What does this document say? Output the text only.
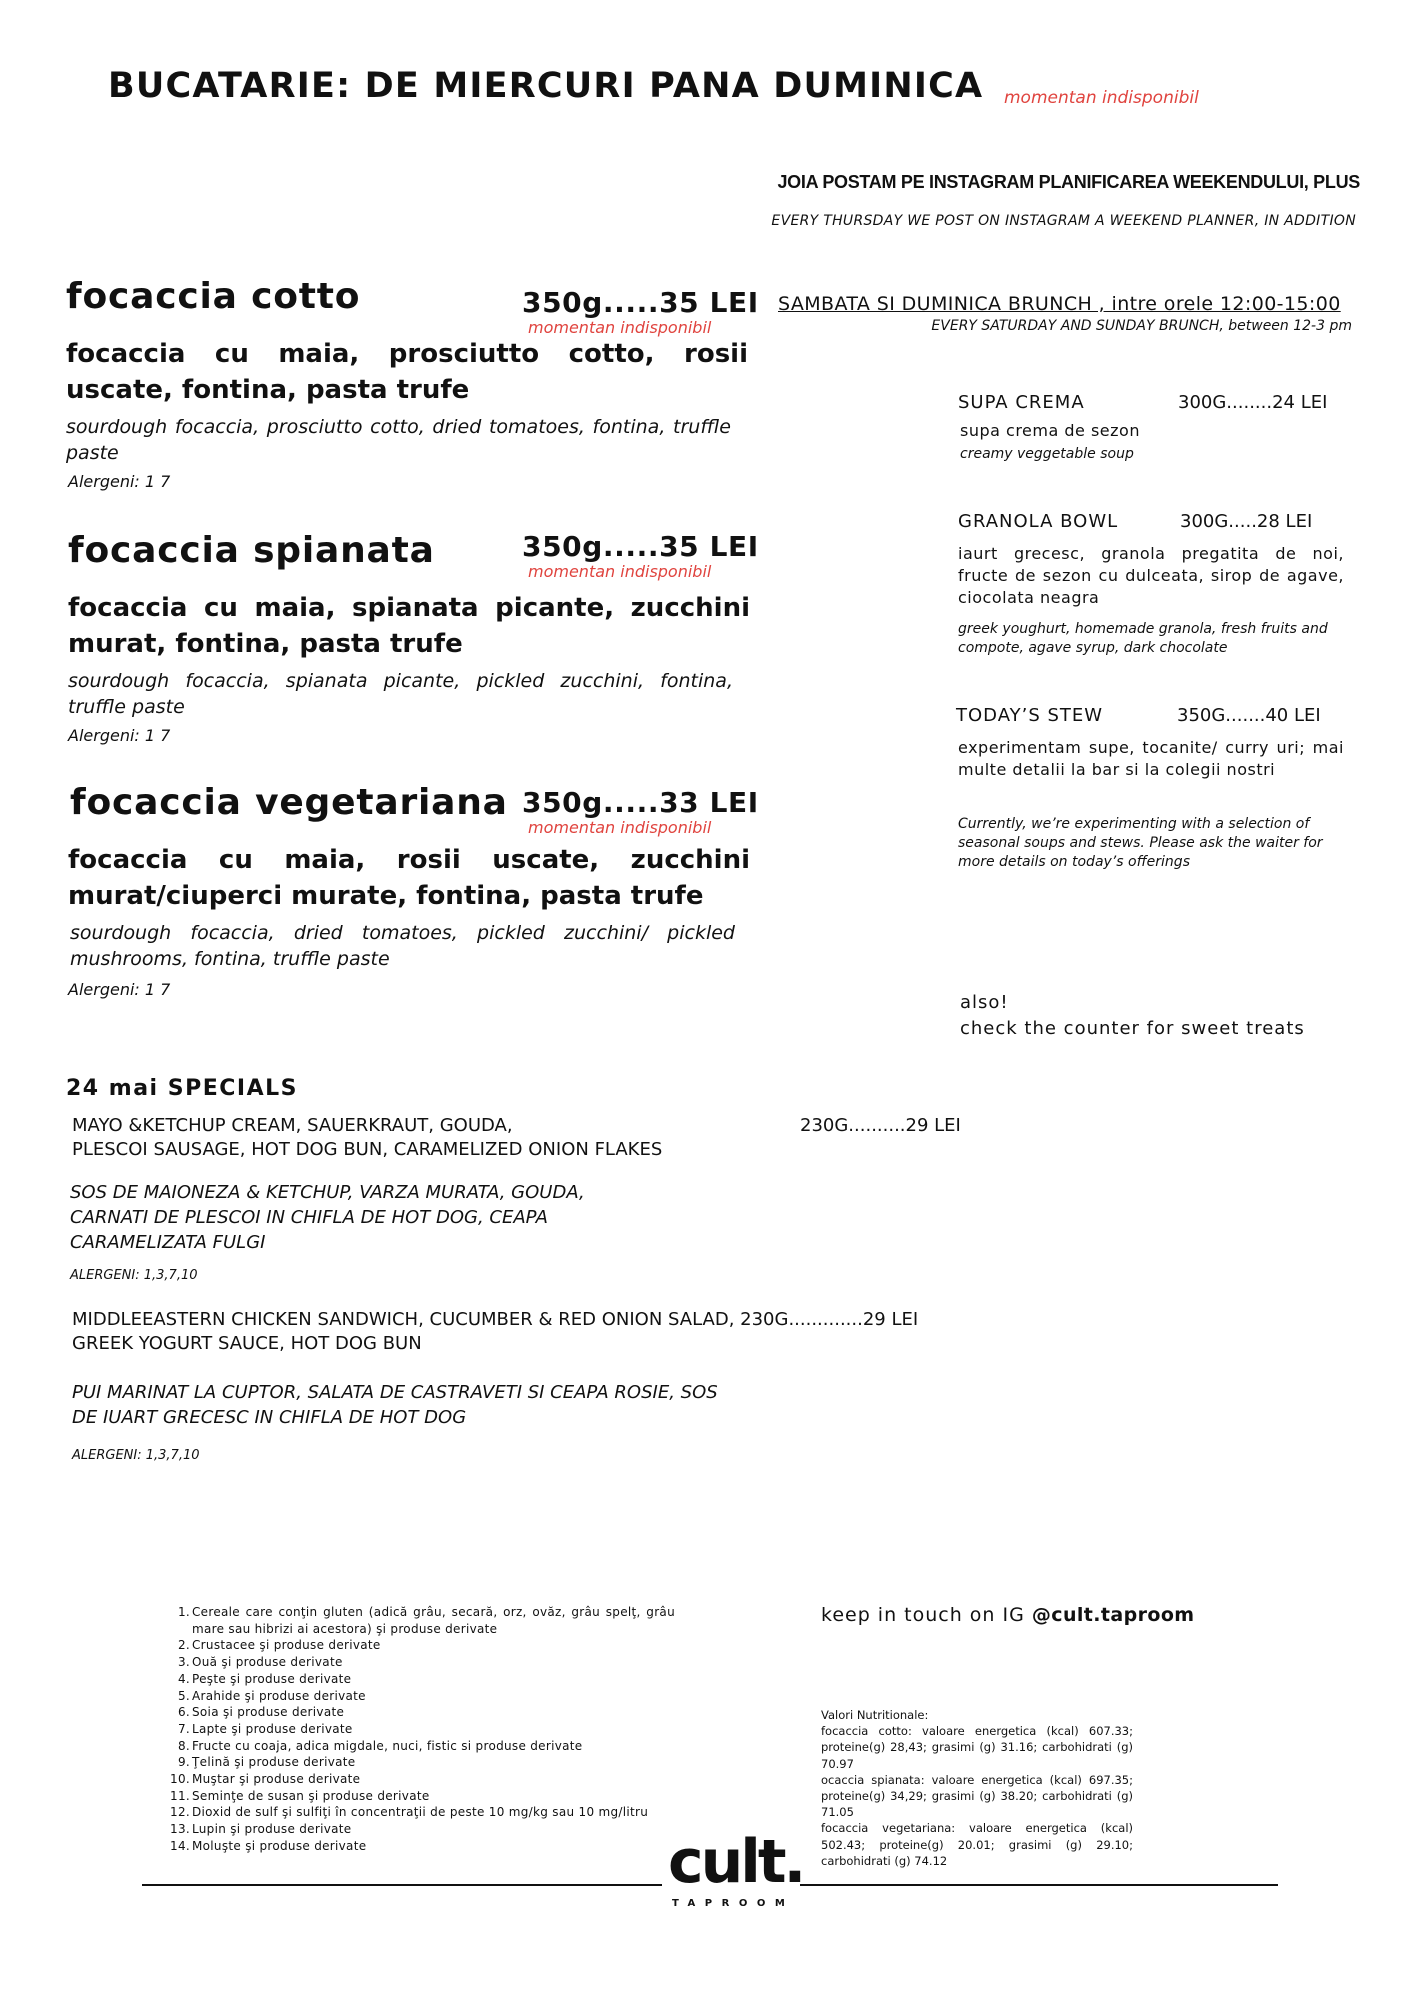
BUCATARIE: DE MIERCURI PANA DUMINICA momentan indisponibil
JOIA POSTAM PE INSTAGRAM PLANIFICAREA WEEKENDULUI, PLUS
EVERY THURSDAY WE POST ON INSTAGRAM A WEEKEND PLANNER, IN ADDITION
focaccia cotto	350g.....35 LEI
momentan indisponibil
focaccia cu maia, prosciutto cotto, rosii uscate, fontina, pasta trufe
sourdough focaccia, prosciutto cotto, dried tomatoes, fontina, truffle paste
Alergeni: 1 7
focaccia spianata	350g.....35 LEI
momentan indisponibil
focaccia cu maia, spianata picante, zucchini murat, fontina, pasta trufe
sourdough focaccia, spianata picante, pickled zucchini, fontina, truffle paste
Alergeni: 1 7
focaccia vegetariana 350g.....33 LEI
momentan indisponibil
focaccia cu maia, rosii uscate, zucchini murat/ciuperci murate, fontina, pasta trufe
sourdough focaccia, dried tomatoes, pickled zucchini/ pickled mushrooms, fontina, truffle paste
Alergeni: 1 7
SAMBATA SI DUMINICA BRUNCH , intre orele 12:00-15:00
EVERY SATURDAY AND SUNDAY BRUNCH, between 12-3 pm
SUPA CREMA	300G........24 LEI
supa crema de sezon
creamy veggetable soup
GRANOLA BOWL	300G.....28 LEI
iaurt grecesc, granola pregatita de noi, fructe de sezon cu dulceata, sirop de agave, ciocolata neagra
greek youghurt, homemade granola, fresh fruits and compote, agave syrup, dark chocolate
TODAY’S STEW	350G.......40 LEI
experimentam supe, tocanite/ curry uri; mai multe detalii la bar si la colegii nostri
Currently, we’re experimenting with a selection of seasonal soups and stews. Please ask the waiter for more details on today’s offerings
also!
check the counter for sweet treats
24 mai SPECIALS
MAYO &KETCHUP CREAM, SAUERKRAUT, GOUDA,
PLESCOI SAUSAGE, HOT DOG BUN, CARAMELIZED ONION FLAKES
230G..........29 LEI
SOS DE MAIONEZA & KETCHUP, VARZA MURATA, GOUDA,
CARNATI DE PLESCOI IN CHIFLA DE HOT DOG, CEAPA
CARAMELIZATA FULGI
ALERGENI: 1,3,7,10
MIDDLEEASTERN CHICKEN SANDWICH, CUCUMBER & RED ONION SALAD, 230G.............29 LEI
GREEK YOGURT SAUCE, HOT DOG BUN
PUI MARINAT LA CUPTOR, SALATA DE CASTRAVETI SI CEAPA ROSIE, SOS
DE IUART GRECESC IN CHIFLA DE HOT DOG
ALERGENI: 1,3,7,10
1. Cereale care conţin gluten (adică grâu, secară, orz, ovăz, grâu spelţ, grâu mare sau hibrizi ai acestora) şi produse derivate
2. Crustacee şi produse derivate
3. Ouă şi produse derivate
4. Peşte şi produse derivate
5. Arahide şi produse derivate
6. Soia şi produse derivate
7. Lapte şi produse derivate
8. Fructe cu coaja, adica migdale, nuci, fistic si produse derivate
9. Ţelină şi produse derivate
10. Muştar şi produse derivate
11. Seminţe de susan şi produse derivate
12. Dioxid de sulf şi sulfiţi în concentraţii de peste 10 mg/kg sau 10 mg/litru
13. Lupin şi produse derivate
14. Moluşte şi produse derivate
keep in touch on IG @cult.taproom
Valori Nutritionale:
focaccia cotto: valoare energetica (kcal) 607.33; proteine(g) 28,43; grasimi (g) 31.16; carbohidrati (g) 70.97
ocaccia spianata: valoare energetica (kcal) 697.35; proteine(g) 34,29; grasimi (g) 38.20; carbohidrati (g) 71.05
focaccia vegetariana: valoare energetica (kcal) 502.43; proteine(g) 20.01; grasimi (g) 29.10; carbohidrati (g) 74.12
cult.
TAPROOM
